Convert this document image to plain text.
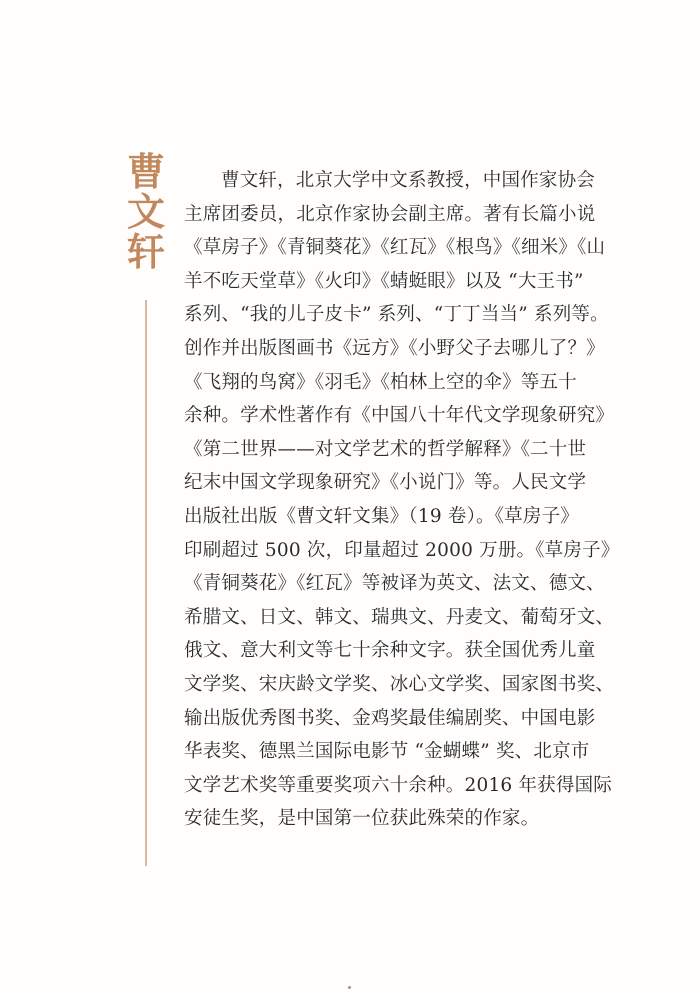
曹
文
轩
曹文轩，北京大学中文系教授，中国作家协会
主席团委员，北京作家协会副主席。著有长篇小说
《草房子》《青铜葵花》《红瓦》《根鸟》《细米》《山
羊不吃天堂草》《火印》《蜻蜓眼》以及 “大王书”
系列、“我的儿子皮卡” 系列、“丁丁当当” 系列等。
创作并出版图画书《远方》《小野父子去哪儿了？》
《飞翔的鸟窝》《羽毛》《柏林上空的伞》等五十
余种。学术性著作有《中国八十年代文学现象研究》
《第二世界——对文学艺术的哲学解释》《二十世
纪末中国文学现象研究》《小说门》等。人民文学
出版社出版《曹文轩文集》（19 卷）。《草房子》
印刷超过 500 次，印量超过 2000 万册。《草房子》
《青铜葵花》《红瓦》等被译为英文、法文、德文、
希腊文、日文、韩文、瑞典文、丹麦文、葡萄牙文、
俄文、意大利文等七十余种文字。获全国优秀儿童
文学奖、宋庆龄文学奖、冰心文学奖、国家图书奖、
输出版优秀图书奖、金鸡奖最佳编剧奖、中国电影
华表奖、德黑兰国际电影节 “金蝴蝶” 奖、北京市
文学艺术奖等重要奖项六十余种。2016 年获得国际
安徒生奖，是中国第一位获此殊荣的作家。
